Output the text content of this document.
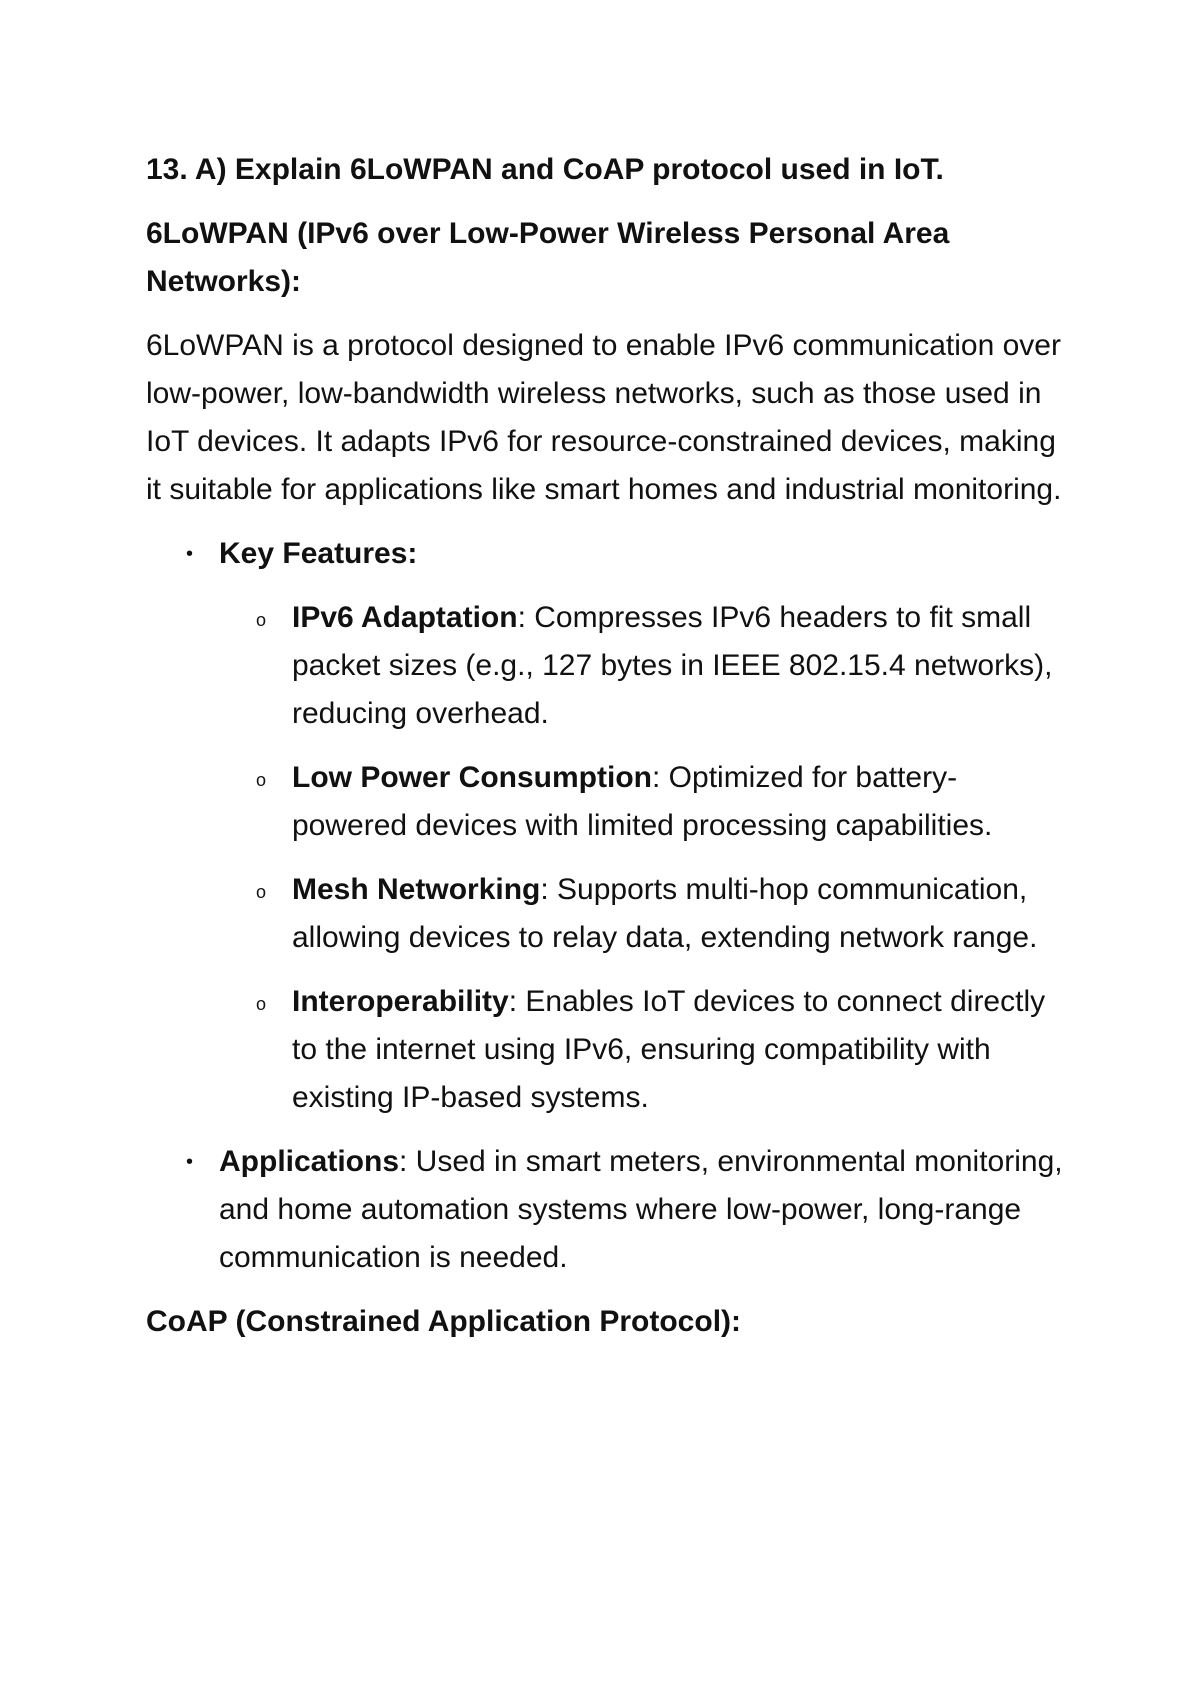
13. A) Explain 6LoWPAN and CoAP protocol used in IoT.
6LoWPAN (IPv6 over Low-Power Wireless Personal Area Networks):
6LoWPAN is a protocol designed to enable IPv6 communication over low-power, low-bandwidth wireless networks, such as those used in IoT devices. It adapts IPv6 for resource-constrained devices, making it suitable for applications like smart homes and industrial monitoring.
• Key Features:
o IPv6 Adaptation: Compresses IPv6 headers to fit small packet sizes (e.g., 127 bytes in IEEE 802.15.4 networks), reducing overhead.
o Low Power Consumption: Optimized for battery-powered devices with limited processing capabilities.
o Mesh Networking: Supports multi-hop communication, allowing devices to relay data, extending network range.
o Interoperability: Enables IoT devices to connect directly to the internet using IPv6, ensuring compatibility with existing IP-based systems.
• Applications: Used in smart meters, environmental monitoring, and home automation systems where low-power, long-range communication is needed.
CoAP (Constrained Application Protocol):
